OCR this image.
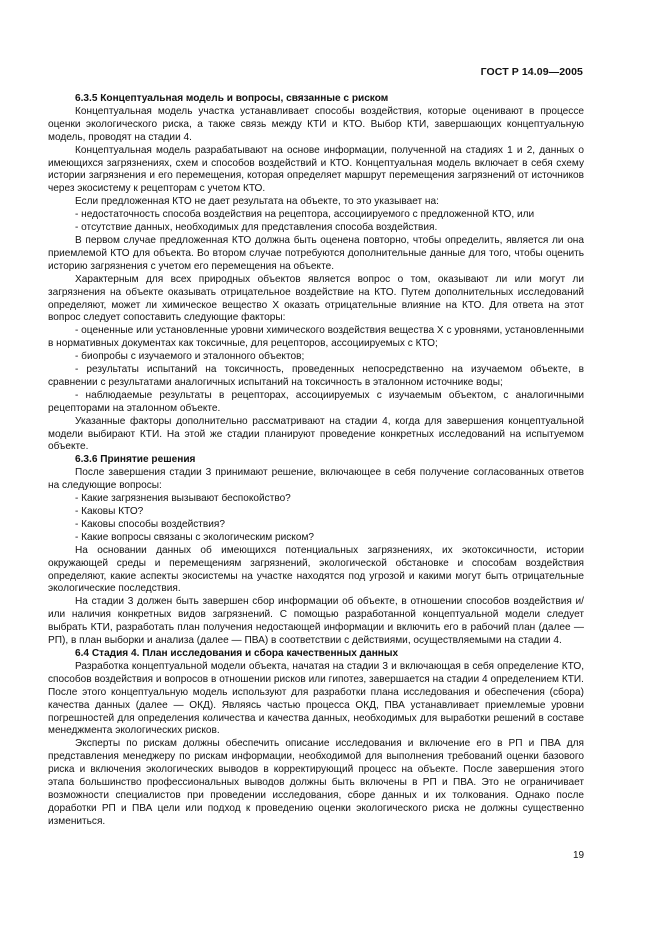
ГОСТ Р 14.09—2005
6.3.5 Концептуальная модель и вопросы, связанные с риском

Концептуальная модель участка устанавливает способы воздействия, которые оценивают в процессе оценки экологического риска, а также связь между КТИ и КТО. Выбор КТИ, завершающих концептуальную модель, проводят на стадии 4.

Концептуальная модель разрабатывают на основе информации, полученной на стадиях 1 и 2, данных о имеющихся загрязнениях, схем и способов воздействий и КТО. Концептуальная модель включает в себя схему истории загрязнения и его перемещения, которая определяет маршрут перемещения загрязнений от источников через экосистему к рецепторам с учетом КТО.

Если предложенная КТО не дает результата на объекте, то это указывает на:

- недостаточность способа воздействия на рецептора, ассоциируемого с предложенной КТО, или

- отсутствие данных, необходимых для представления способа воздействия.

В первом случае предложенная КТО должна быть оценена повторно, чтобы определить, является ли она приемлемой КТО для объекта. Во втором случае потребуются дополнительные данные для того, чтобы оценить историю загрязнения с учетом его перемещения на объекте.

Характерным для всех природных объектов является вопрос о том, оказывают ли или могут ли загрязнения на объекте оказывать отрицательное воздействие на КТО. Путем дополнительных исследований определяют, может ли химическое вещество X оказать отрицательные влияние на КТО. Для ответа на этот вопрос следует сопоставить следующие факторы:

- оцененные или установленные уровни химического воздействия вещества X с уровнями, установленными в нормативных документах как токсичные, для рецепторов, ассоциируемых с КТО;

- биопробы с изучаемого и эталонного объектов;

- результаты испытаний на токсичность, проведенных непосредственно на изучаемом объекте, в сравнении с результатами аналогичных испытаний на токсичность в эталонном источнике воды;

- наблюдаемые результаты в рецепторах, ассоциируемых с изучаемым объектом, с аналогичными рецепторами на эталонном объекте.

Указанные факторы дополнительно рассматривают на стадии 4, когда для завершения концептуальной модели выбирают КТИ. На этой же стадии планируют проведение конкретных исследований на испытуемом объекте.

6.3.6 Принятие решения

После завершения стадии 3 принимают решение, включающее в себя получение согласованных ответов на следующие вопросы:

- Какие загрязнения вызывают беспокойство?

- Каковы КТО?

- Каковы способы воздействия?

- Какие вопросы связаны с экологическим риском?

На основании данных об имеющихся потенциальных загрязнениях, их экотоксичности, истории окружающей среды и перемещениям загрязнений, экологической обстановке и способам воздействия определяют, какие аспекты экосистемы на участке находятся под угрозой и какими могут быть отрицательные экологические последствия.

На стадии 3 должен быть завершен сбор информации об объекте, в отношении способов воздействия и/или наличия конкретных видов загрязнений. С помощью разработанной концептуальной модели следует выбрать КТИ, разработать план получения недостающей информации и включить его в рабочий план (далее — РП), в план выборки и анализа (далее — ПВА) в соответствии с действиями, осуществляемыми на стадии 4.

6.4 Стадия 4. План исследования и сбора качественных данных

Разработка концептуальной модели объекта, начатая на стадии 3 и включающая в себя определение КТО, способов воздействия и вопросов в отношении рисков или гипотез, завершается на стадии 4 определением КТИ. После этого концептуальную модель используют для разработки плана исследования и обеспечения (сбора) качества данных (далее — ОКД). Являясь частью процесса ОКД, ПВА устанавливает приемлемые уровни погрешностей для определения количества и качества данных, необходимых для выработки решений в составе менеджмента экологических рисков.

Эксперты по рискам должны обеспечить описание исследования и включение его в РП и ПВА для представления менеджеру по рискам информации, необходимой для выполнения требований оценки базового риска и включения экологических выводов в корректирующий процесс на объекте. После завершения этого этапа большинство профессиональных выводов должны быть включены в РП и ПВА. Это не ограничивает возможности специалистов при проведении исследования, сборе данных и их толкования. Однако после доработки РП и ПВА цели или подход к проведению оценки экологического риска не должны существенно измениться.

19
